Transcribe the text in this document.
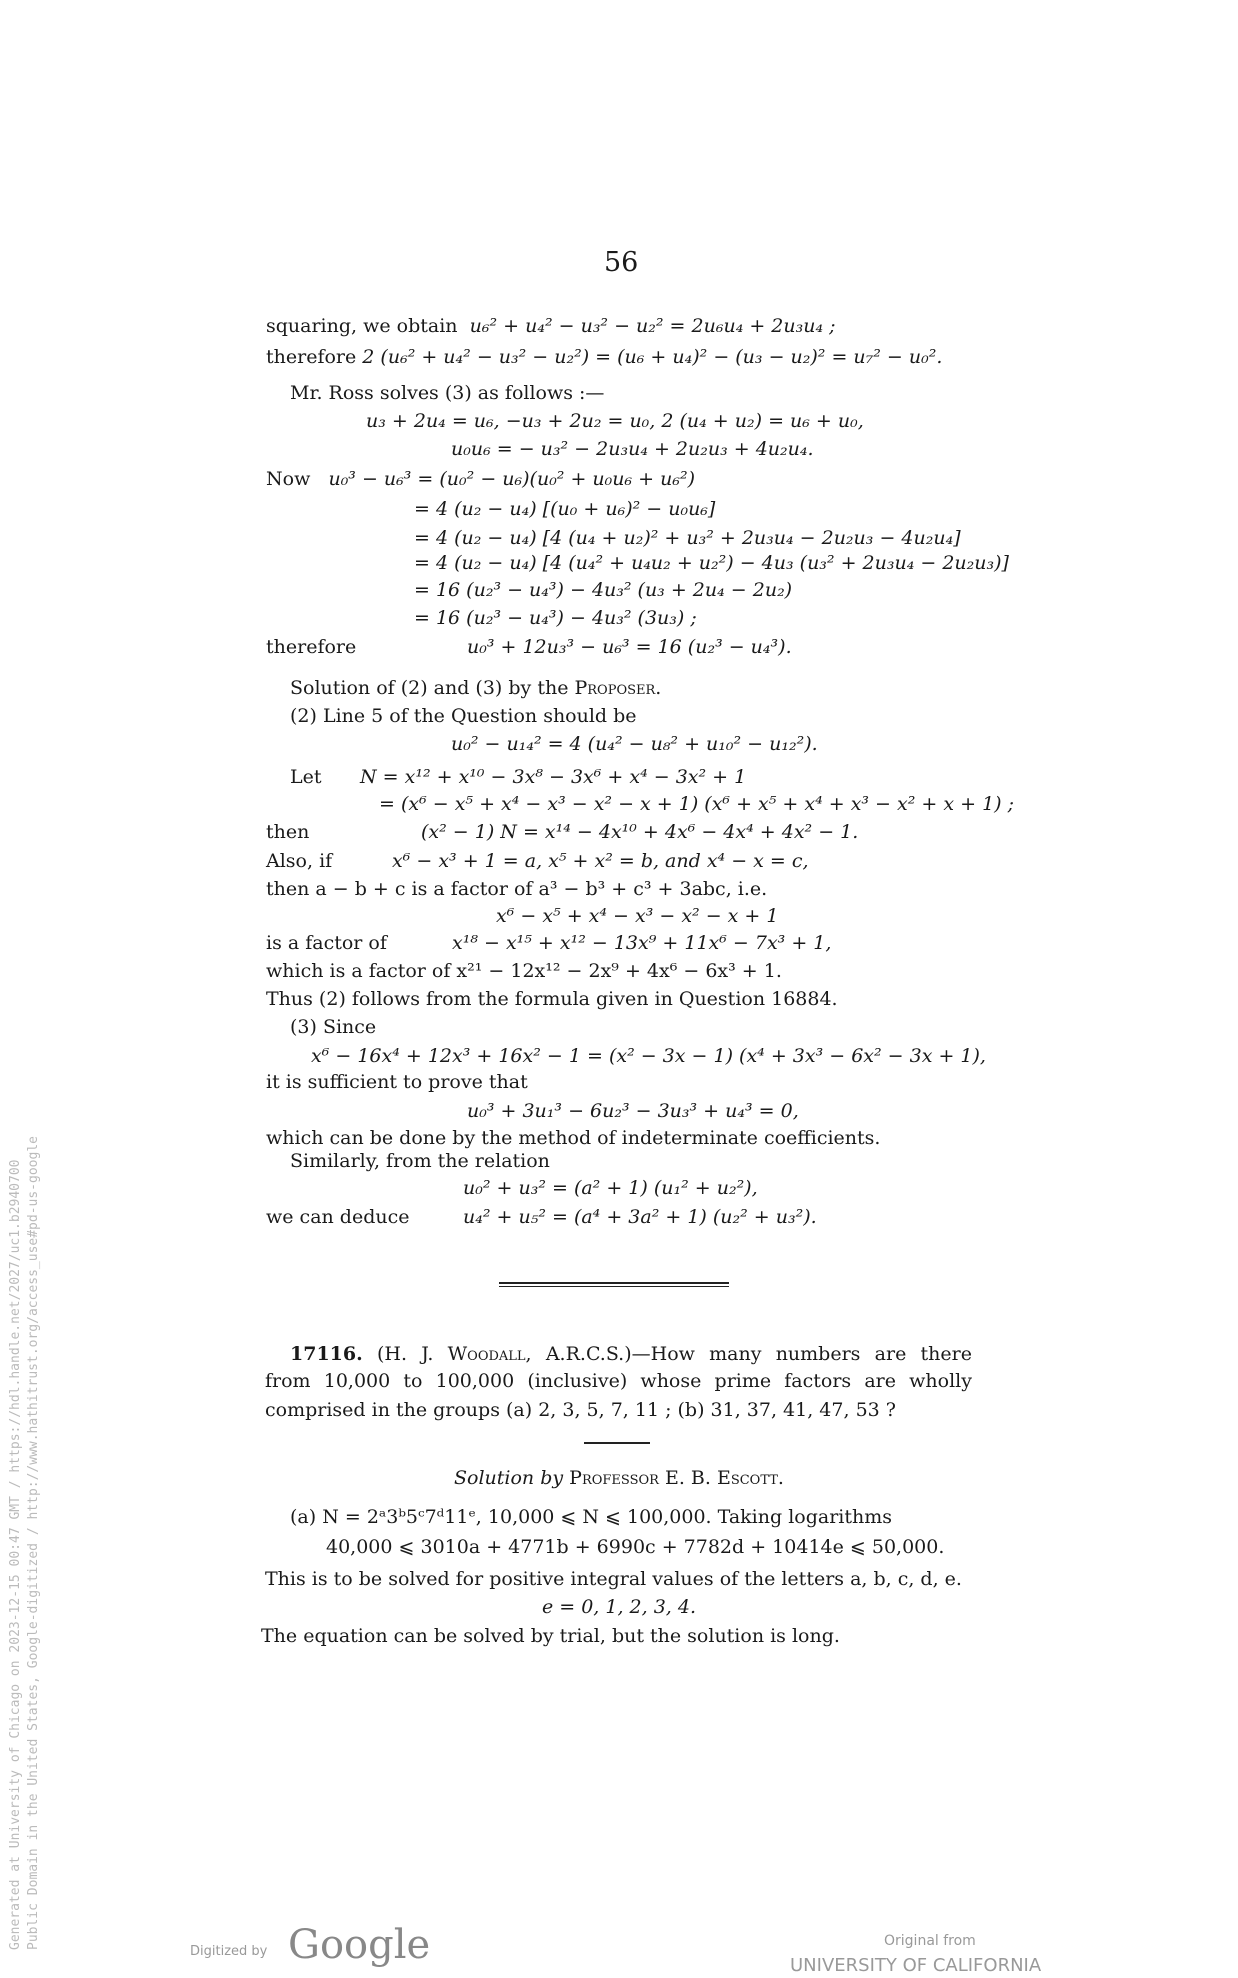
56
squaring, we obtain u₆² + u₄² − u₃² − u₂² = 2u₆u₄ + 2u₃u₄ ;
therefore 2 (u₆² + u₄² − u₃² − u₂²) = (u₆ + u₄)² − (u₃ − u₂)² = u₇² − u₀².
Mr. Ross solves (3) as follows :—
u₃ + 2u₄ = u₆, −u₃ + 2u₂ = u₀, 2 (u₄ + u₂) = u₆ + u₀,
u₀u₆ = − u₃² − 2u₃u₄ + 2u₂u₃ + 4u₂u₄.
Now u₀³ − u₆³ = (u₀² − u₆)(u₀² + u₀u₆ + u₆²)
= 4 (u₂ − u₄) [(u₀ + u₆)² − u₀u₆]
= 4 (u₂ − u₄) [4 (u₄ + u₂)² + u₃² + 2u₃u₄ − 2u₂u₃ − 4u₂u₄]
= 4 (u₂ − u₄) [4 (u₄² + u₄u₂ + u₂²) − 4u₃ (u₃² + 2u₃u₄ − 2u₂u₃)]
= 16 (u₂³ − u₄³) − 4u₃² (u₃ + 2u₄ − 2u₂)
= 16 (u₂³ − u₄³) − 4u₃² (3u₃) ;
therefore	u₀³ + 12u₃³ − u₆³ = 16 (u₂³ − u₄³).
Solution of (2) and (3) by the Proposer.
(2) Line 5 of the Question should be
u₀² − u₁₄² = 4 (u₄² − u₈² + u₁₀² − u₁₂²).
Let N = x¹² + x¹⁰ − 3x⁸ − 3x⁶ + x⁴ − 3x² + 1
= (x⁶ − x⁵ + x⁴ − x³ − x² − x + 1) (x⁶ + x⁵ + x⁴ + x³ − x² + x + 1) ;
then	(x² − 1) N = x¹⁴ − 4x¹⁰ + 4x⁶ − 4x⁴ + 4x² − 1.
Also, if	x⁶ − x³ + 1 = a, x⁵ + x² = b, and x⁴ − x = c,
then a − b + c is a factor of a³ − b³ + c³ + 3abc, i.e.
x⁶ − x⁵ + x⁴ − x³ − x² − x + 1
is a factor of	x¹⁸ − x¹⁵ + x¹² − 13x⁹ + 11x⁶ − 7x³ + 1,
which is a factor of x²¹ − 12x¹² − 2x⁹ + 4x⁶ − 6x³ + 1.
Thus (2) follows from the formula given in Question 16884.
(3) Since
x⁶ − 16x⁴ + 12x³ + 16x² − 1 = (x² − 3x − 1) (x⁴ + 3x³ − 6x² − 3x + 1),
it is sufficient to prove that
u₀³ + 3u₁³ − 6u₂³ − 3u₃³ + u₄³ = 0,
which can be done by the method of indeterminate coefficients.
Similarly, from the relation
u₀² + u₃² = (a² + 1) (u₁² + u₂²),
we can deduce	u₄² + u₅² = (a⁴ + 3a² + 1) (u₂² + u₃²).
17116. (H. J. Woodall, A.R.C.S.)—How many numbers are there
from 10,000 to 100,000 (inclusive) whose prime factors are wholly
comprised in the groups (a) 2, 3, 5, 7, 11 ; (b) 31, 37, 41, 47, 53 ?
Solution by Professor E. B. Escott.
(a) N = 2ᵃ3ᵇ5ᶜ7ᵈ11ᵉ, 10,000 ⩽ N ⩽ 100,000. Taking logarithms
40,000 ⩽ 3010a + 4771b + 6990c + 7782d + 10414e ⩽ 50,000.
This is to be solved for positive integral values of the letters a, b, c, d, e.
e = 0, 1, 2, 3, 4.
The equation can be solved by trial, but the solution is long.
Generated at University of Chicago on 2023-12-15 00:47 GMT / https://hdl.handle.net/2027/uc1.b2940700 Public Domain in the United States, Google-digitized / http://www.hathitrust.org/access_use#pd-us-google
Digitized by Google	Original from
UNIVERSITY OF CALIFORNIA
